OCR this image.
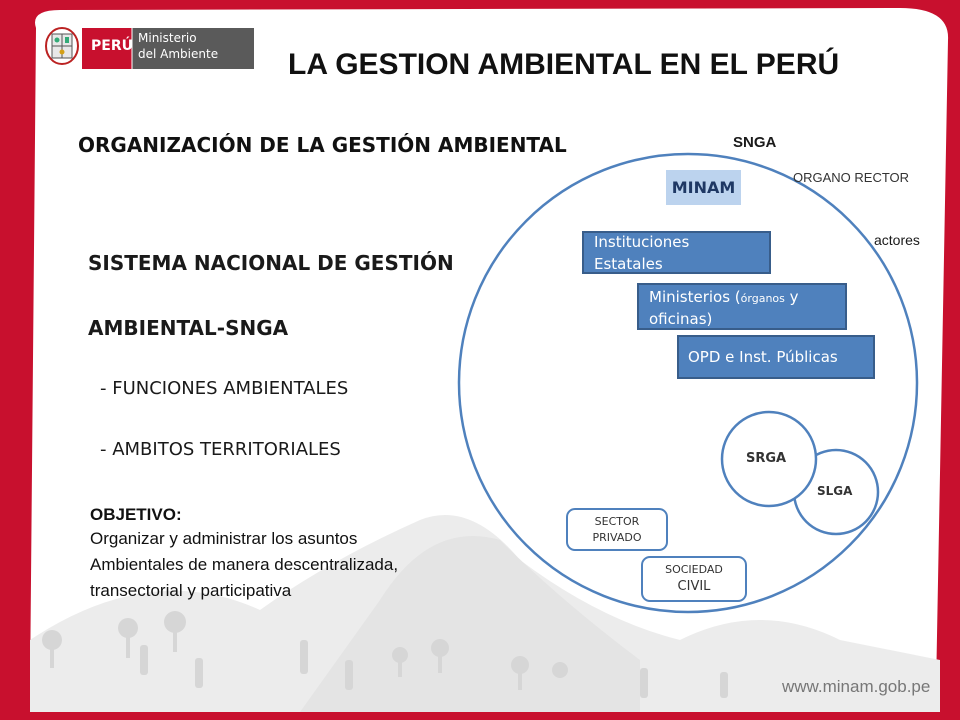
PERÚ Ministerio
del Ambiente LA GESTION AMBIENTAL EN EL PERÚ
ORGANIZACIÓN DE LA GESTIÓN AMBIENTAL
SISTEMA NACIONAL DE GESTIÓN
AMBIENTAL-SNGA
- FUNCIONES AMBIENTALES
- AMBITOS TERRITORIALES
OBJETIVO:
Organizar y administrar los asuntos
Ambientales de manera descentralizada,
transectorial y participativa
SNGA
ORGANO RECTOR
actores
MINAM
Instituciones
Estatales
Ministerios (órganos y
oficinas)
OPD e Inst. Públicas
SRGA
SLGA
SECTOR
PRIVADO
SOCIEDAD
CIVIL
www.minam.gob.pe
